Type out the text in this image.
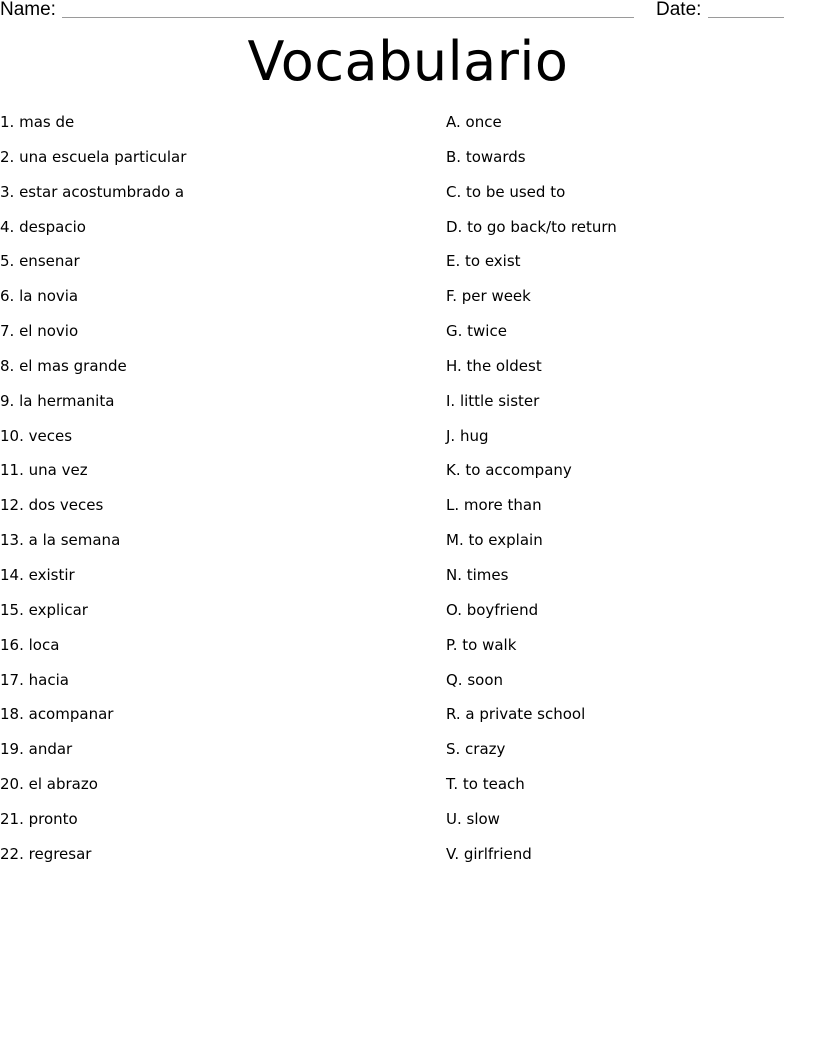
Name:	Date:
Vocabulario
1. mas de
2. una escuela particular
3. estar acostumbrado a
4. despacio
5. ensenar
6. la novia
7. el novio
8. el mas grande
9. la hermanita
10. veces
11. una vez
12. dos veces
13. a la semana
14. existir
15. explicar
16. loca
17. hacia
18. acompanar
19. andar
20. el abrazo
21. pronto
22. regresar
A. once
B. towards
C. to be used to
D. to go back/to return
E. to exist
F. per week
G. twice
H. the oldest
I. little sister
J. hug
K. to accompany
L. more than
M. to explain
N. times
O. boyfriend
P. to walk
Q. soon
R. a private school
S. crazy
T. to teach
U. slow
V. girlfriend
